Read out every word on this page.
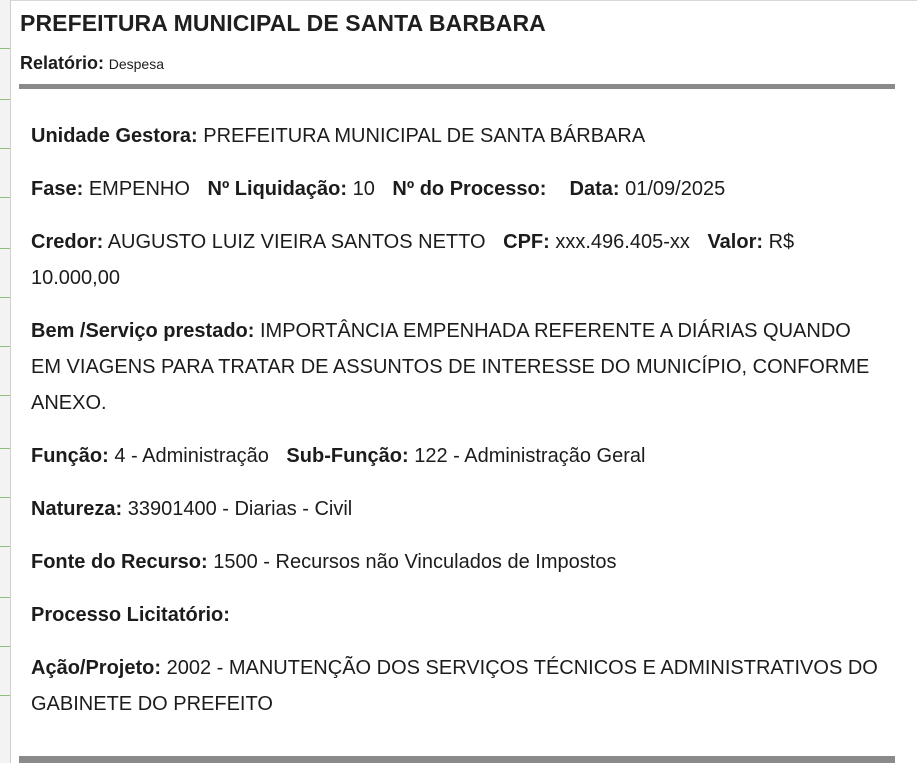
PREFEITURA MUNICIPAL DE SANTA BARBARA
Relatório: Despesa
Unidade Gestora: PREFEITURA MUNICIPAL DE SANTA BÁRBARA
Fase: EMPENHO Nº Liquidação: 10 Nº do Processo: Data: 01/09/2025
Credor: AUGUSTO LUIZ VIEIRA SANTOS NETTO CPF: xxx.496.405-xx Valor: R$ 10.000,00
Bem /Serviço prestado: IMPORTÂNCIA EMPENHADA REFERENTE A DIÁRIAS QUANDO EM VIAGENS PARA TRATAR DE ASSUNTOS DE INTERESSE DO MUNICÍPIO, CONFORME ANEXO.
Função: 4 - Administração Sub-Função: 122 - Administração Geral
Natureza: 33901400 - Diarias - Civil
Fonte do Recurso: 1500 - Recursos não Vinculados de Impostos
Processo Licitatório:
Ação/Projeto: 2002 - MANUTENÇÃO DOS SERVIÇOS TÉCNICOS E ADMINISTRATIVOS DO GABINETE DO PREFEITO
